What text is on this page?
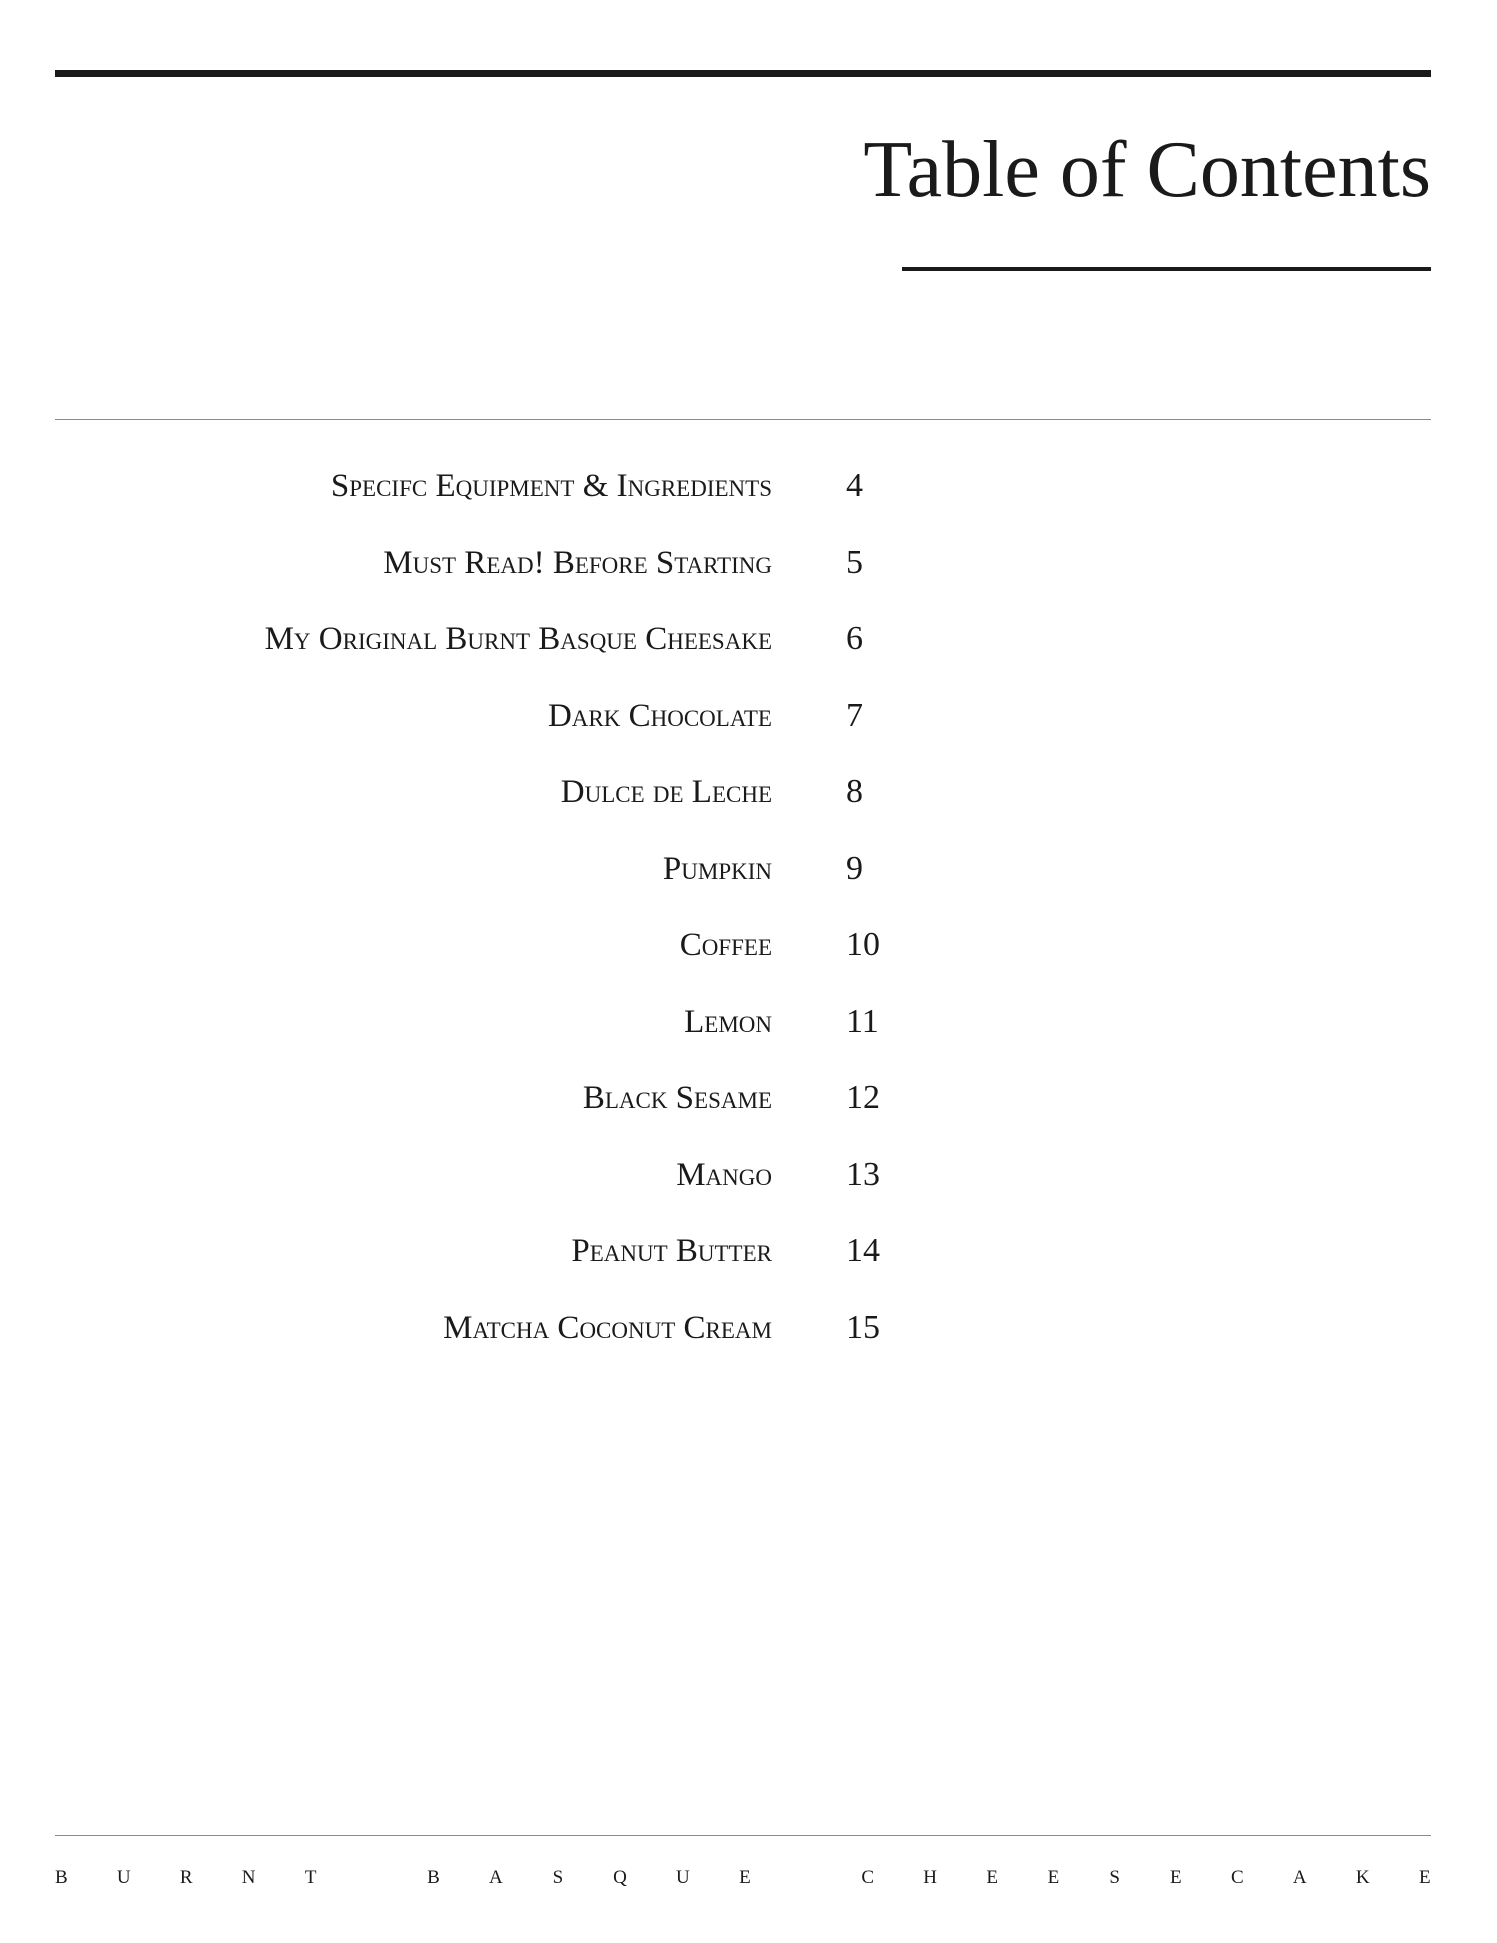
Table of Contents
Specifc Equipment & Ingredients 4
Must Read! Before Starting 5
My Original Burnt Basque Cheesake 6
Dark Chocolate 7
Dulce de Leche 8
Pumpkin 9
Coffee 10
Lemon 11
Black Sesame 12
Mango 13
Peanut Butter 14
Matcha Coconut Cream 15
B	U	R	N	T	B	A	S	Q	U	E	C	H	E	E	S	E	C	A	K	E
